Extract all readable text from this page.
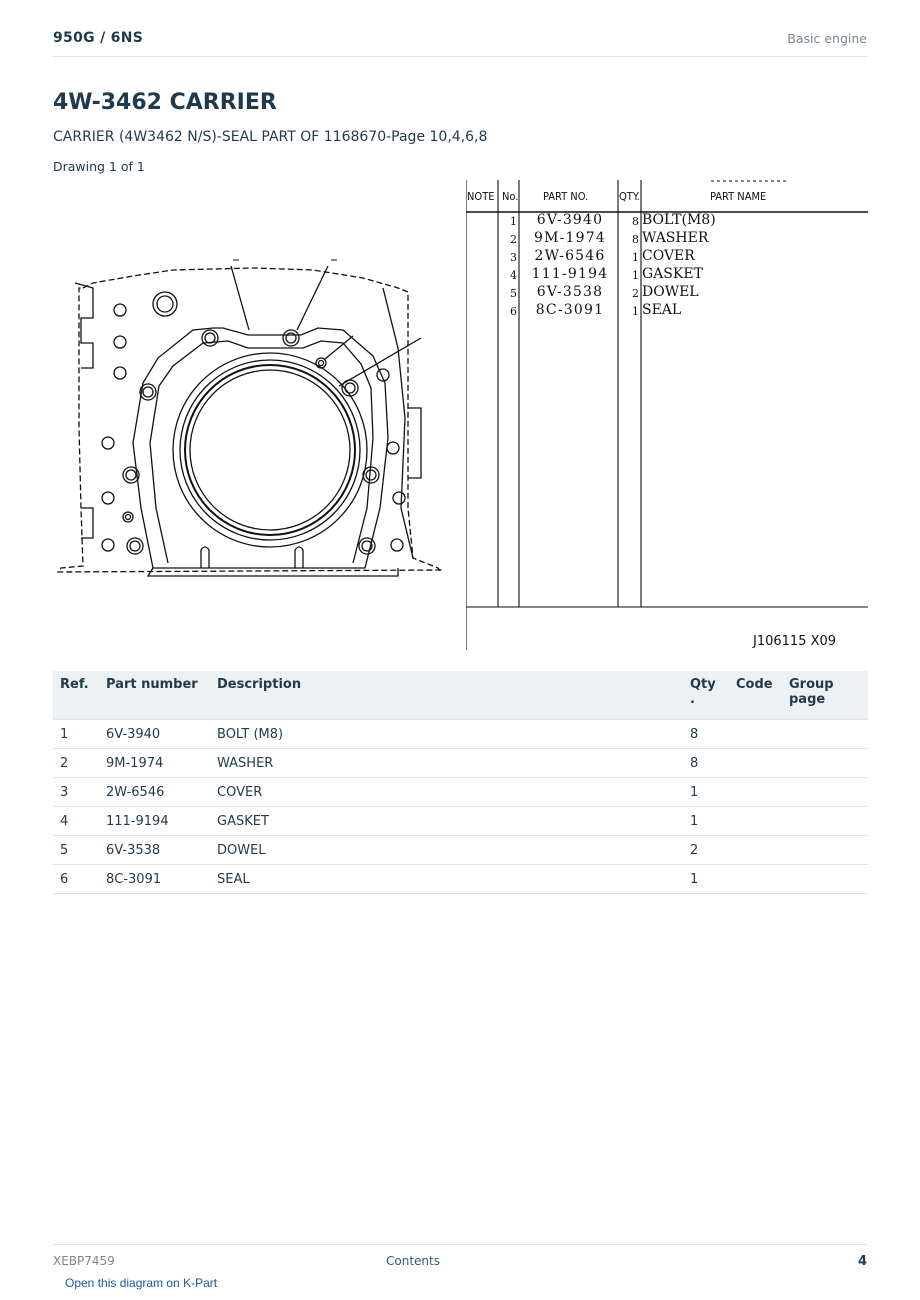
950G / 6NS	Basic engine
4W-3462 CARRIER
CARRIER (4W3462 N/S)-SEAL PART OF 1168670-Page 10,4,6,8
Drawing 1 of 1
NOTE No. PART NO.	QTY.	PART NAME
1	6V-3940	8 BOLT(M8)
2	9M-1974	8 WASHER
3	2W-6546	1 COVER
4 111-9194	1 GASKET
5	6V-3538	2 DOWEL
6	8C-3091	1 SEAL
J106115 X09
Ref.	Part number	Description	Qty .	Code	Group page
1	6V-3940	BOLT (M8)	8		
2	9M-1974	WASHER	8		
3	2W-6546	COVER	1		
4	111-9194	GASKET	1		
5	6V-3538	DOWEL	2		
6	8C-3091	SEAL	1		
XEBP7459	Contents	4
Open this diagram on K-Part
